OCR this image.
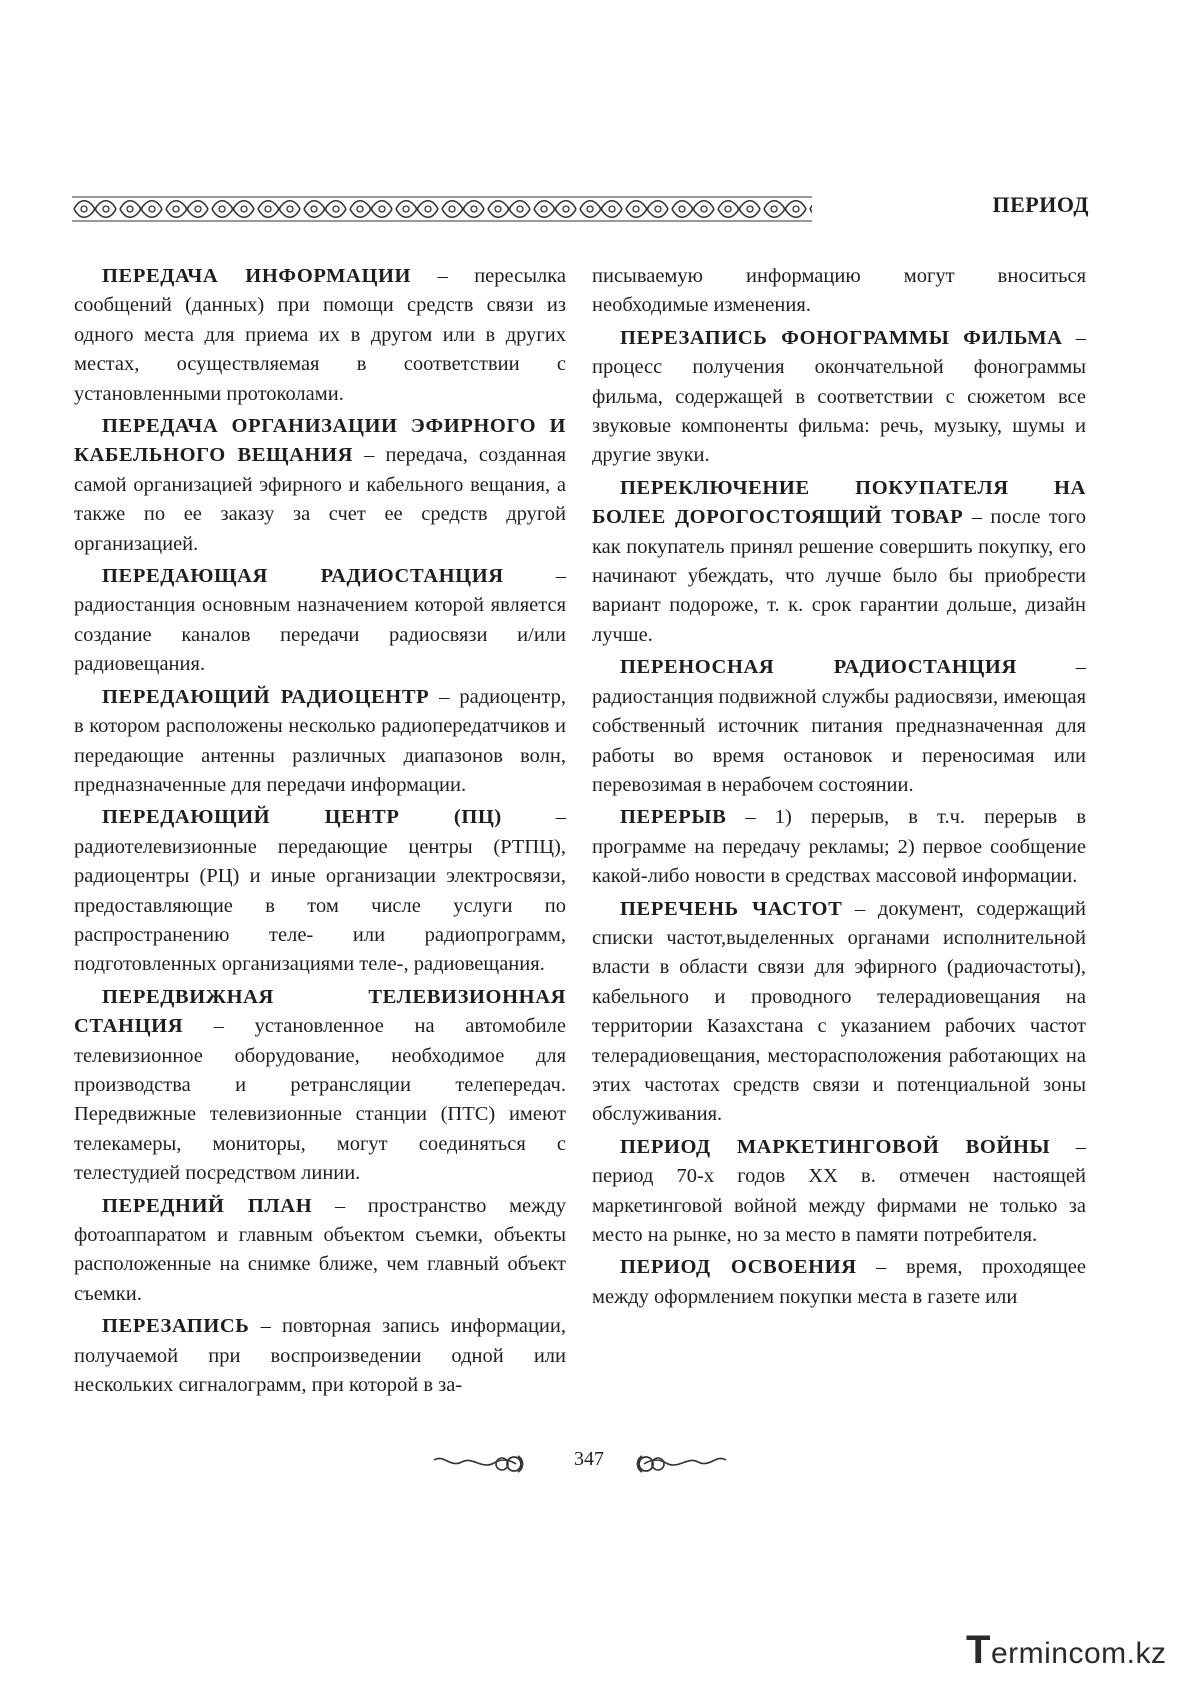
ПЕРИОД

ПЕРЕДАЧА ИНФОРМАЦИИ – пересылка сообщений (данных) при помощи средств связи из одного места для приема их в другом или в других местах, осуществляемая в соответствии с установленными протоколами.

ПЕРЕДАЧА ОРГАНИЗАЦИИ ЭФИРНОГО И КАБЕЛЬНОГО ВЕЩАНИЯ – передача, созданная самой организацией эфирного и кабельного вещания, а также по ее заказу за счет ее средств другой организацией.

ПЕРЕДАЮЩАЯ РАДИОСТАНЦИЯ – радиостанция основным назначением которой является создание каналов передачи радиосвязи и/или радиовещания.

ПЕРЕДАЮЩИЙ РАДИОЦЕНТР – радиоцентр, в котором расположены несколько радиопередатчиков и передающие антенны различных диапазонов волн, предназначенные для передачи информации.

ПЕРЕДАЮЩИЙ ЦЕНТР (ПЦ) – радиотелевизионные передающие центры (РТПЦ), радиоцентры (РЦ) и иные организации электросвязи, предоставляющие в том числе услуги по распространению теле- или радиопрограмм, подготовленных организациями теле-, радиовещания.

ПЕРЕДВИЖНАЯ ТЕЛЕВИЗИОННАЯ СТАНЦИЯ – установленное на автомобиле телевизионное оборудование, необходимое для производства и ретрансляции телепередач. Передвижные телевизионные станции (ПТС) имеют телекамеры, мониторы, могут соединяться с телестудией посредством линии.

ПЕРЕДНИЙ ПЛАН – пространство между фотоаппаратом и главным объектом съемки, объекты расположенные на снимке ближе, чем главный объект съемки.

ПЕРЕЗАПИСЬ – повторная запись информации, получаемой при воспроизведении одной или нескольких сигналограмм, при которой в за-

писываемую информацию могут вноситься необходимые изменения.

ПЕРЕЗАПИСЬ ФОНОГРАММЫ ФИЛЬМА – процесс получения окончательной фонограммы фильма, содержащей в соответствии с сюжетом все звуковые компоненты фильма: речь, музыку, шумы и другие звуки.

ПЕРЕКЛЮЧЕНИЕ ПОКУПАТЕЛЯ НА БОЛЕЕ ДОРОГОСТОЯЩИЙ ТОВАР – после того как покупатель принял решение совершить покупку, его начинают убеждать, что лучше было бы приобрести вариант подороже, т. к. срок гарантии дольше, дизайн лучше.

ПЕРЕНОСНАЯ РАДИОСТАНЦИЯ – радиостанция подвижной службы радиосвязи, имеющая собственный источник питания предназначенная для работы во время остановок и переносимая или перевозимая в нерабочем состоянии.

ПЕРЕРЫВ – 1) перерыв, в т.ч. перерыв в программе на передачу рекламы; 2) первое сообщение какой-либо новости в средствах массовой информации.

ПЕРЕЧЕНЬ ЧАСТОТ – документ, содержащий списки частот,выделенных органами исполнительной власти в области связи для эфирного (радиочастоты), кабельного и проводного телерадиовещания на территории Казахстана с указанием рабочих частот телерадиовещания, месторасположения работающих на этих частотах средств связи и потенциальной зоны обслуживания.

ПЕРИОД МАРКЕТИНГОВОЙ ВОЙНЫ – период 70-х годов XX в. отмечен настоящей маркетинговой войной между фирмами не только за место на рынке, но за место в памяти потребителя.

ПЕРИОД ОСВОЕНИЯ – время, проходящее между оформлением покупки места в газете или

347
Termincom.kz
